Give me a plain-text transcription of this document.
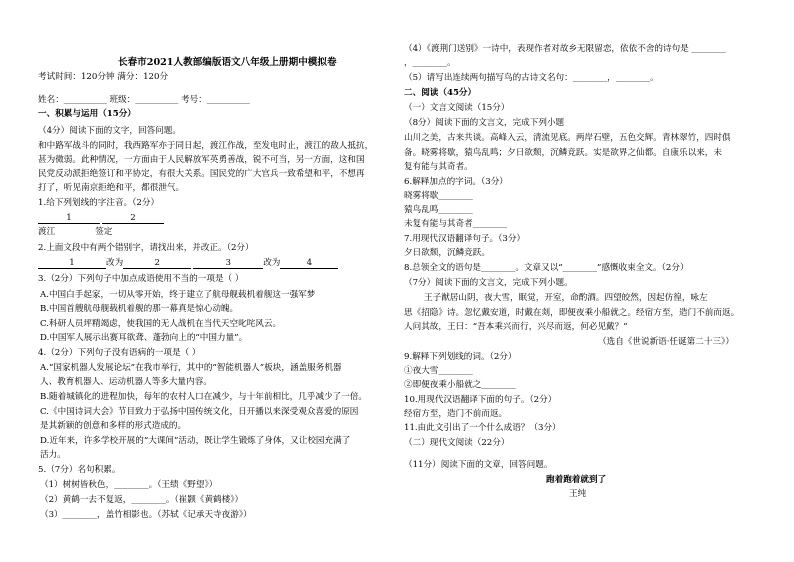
长春市2021人教部编版语文八年级上册期中模拟卷
考试时间：120分钟 满分：120分
姓名：__________ 班级：__________ 考号：__________
一、积累与运用（15分）
（4分）阅读下面的文字，回答问题。
和中路军战斗的同时，我西路军亦于同日起，渡江作战，至发电时止，渡江的敌人抵抗，
甚为微弱。此种情况，一方面由于人民解放军英勇善战，锐不可当，另一方面，这和国
民党反动派拒绝签订和平协定，有很大关系。国民党的广大官兵一致希望和平，不想再
打了，听见南京拒绝和平，都很泄气。
1.给下列划线的字注音。（2分）
1	2
渡江	签定
2.上面文段中有两个错别字，请找出来，并改正。（2分）
1	改为	2	3	改为	4
3.（2分）下列句子中加点成语使用不当的一项是（ ）
A.中国白手起家，一切从零开始，终于建立了航母舰载机着舰这一强军梦
B.中国首艘航母舰载机着舰的那一幕真是惊心动魄。
C.科研人员坪精竭虑，使我国的无人战机在当代天空叱咤风云。
D.中国军人展示出赛耳欲聋、蓬勃向上的“中国力量”。
4.（2分）下列句子没有语病的一项是（ ）
A.“国家机器人发展论坛”在我市举行，其中的“智能机器人”板块，涵盖服务机器
人、教育机器人、运动机器人等多大量内容。
B.随着城镇化的进程加快，每年的农村人口在减少，与十年前相比，几乎减少了一倍。
C.《中国诗词大会》节目致力于弘扬中国传统文化，日开播以来深受观众喜爱的原因
是其新颖的创意和多样的形式造成的。
D.近年来，许多学校开展的“大课间”活动，既让学生锻炼了身体，又让校园充满了
活力。
5.（7分）名句积累。
（1）树树皆秋色，________。（王绩《野望》）
（2）黄鹤一去不复返，________。（崔颢《黄鹤楼》）
（3）________，盖竹相影也。（苏轼《记承天寺夜游》）
（4）《渡荆门送别》一诗中，表现作者对故乡无限留恋，依依不舍的诗句是 ________
，________。
（5）请写出连续两句描写鸟的古诗文名句：________，________。
二、阅读（45分）
（一）文言文阅读（15分）
（8分）阅读下面的文言文，完成下列小题
山川之美，古来共谈。高峰入云，清流见底。两岸石壁，五色交辉。青林翠竹，四时俱
备。晓雾将歇，猿鸟乱鸣；夕日欲颓，沉鳞竞跃。实是欲界之仙都。自康乐以来，未
复有能与其奇者。
6.解释加点的字词。（3分）
晓雾将歇________
猿鸟乱鸣________
未复有能与其奇者________
7.用现代汉语翻译句子。（3分）
夕日欲颓，沉鳞竞跃。
8.总领全文的语句是________。文章又以“________”感慨收束全文。（2分）
（7分）阅读下面的文言文，完成下列小题。
王子猷居山阴，夜大雪，眠觉，开室，命酌酒。四望皎然，因起仿徨，咏左
思《招隐》诗。忽忆戴安道，时戴在剡，即便夜乘小船就之。经宿方至，造门不前而返。
人问其故，王曰：“吾本乘兴而行，兴尽而返，何必见戴？”
（选自《世说新语·任诞第二十三》）
9.解释下列划线的词。（2分）
①夜大雪________
②即便夜乘小船就之________
10.用现代汉语翻译下面的句子。（2分）
经宿方至，造门不前而返。
11.由此文引出了一个什么成语？（3分）
（二）现代文阅读（22分）
（11分）阅读下面的文章，回答问题。
跑着跑着就到了
王纯
